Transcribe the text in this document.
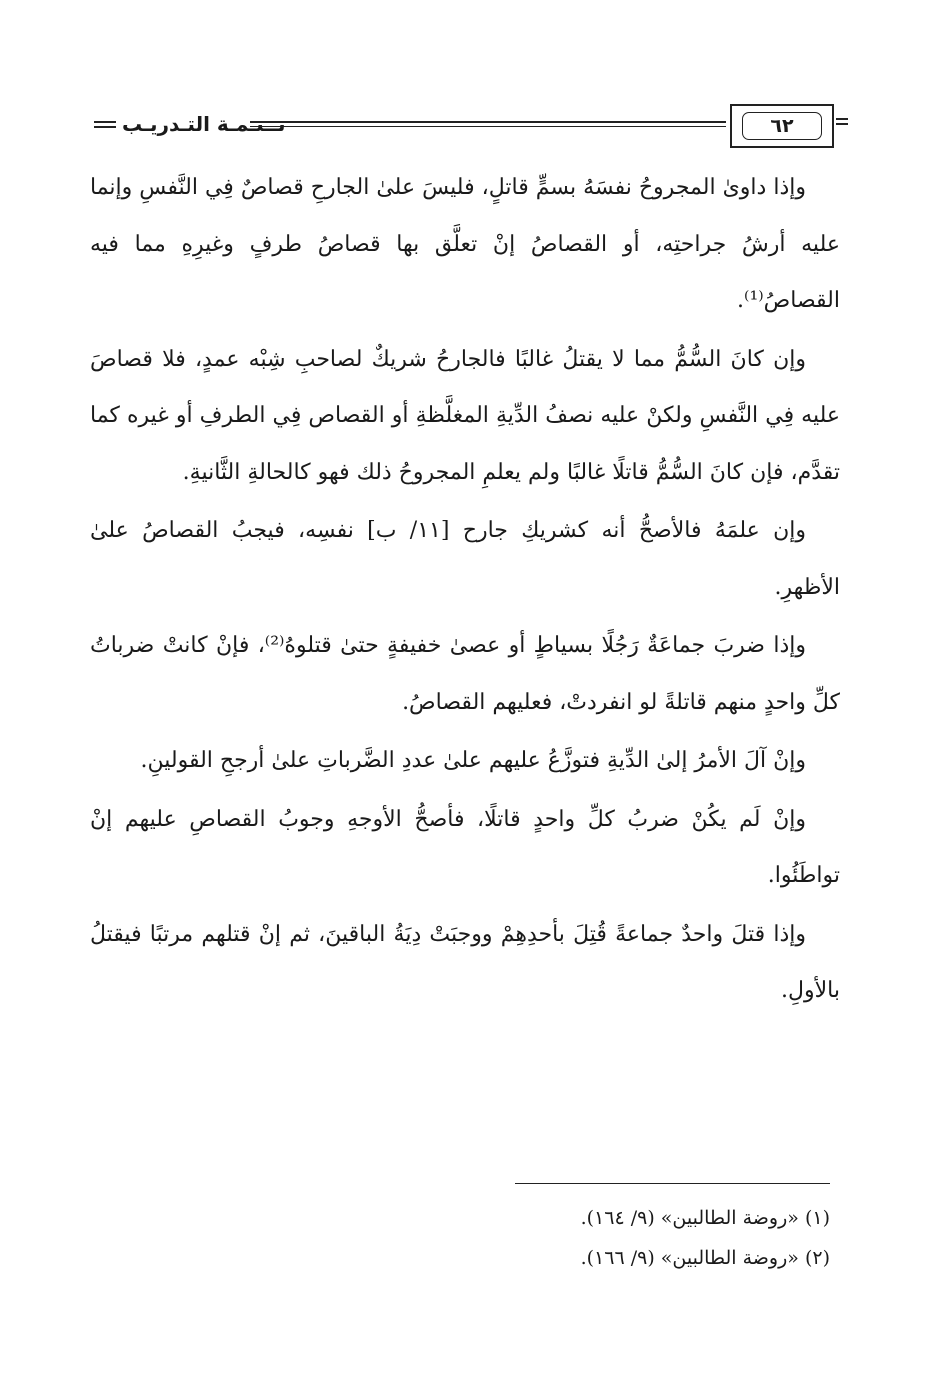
تــتـمـة التـدريـب	٦٢

وإذا داوىٰ المجروحُ نفسَهُ بسمٍّ قاتلٍ، فليسَ علىٰ الجارحِ قصاصٌ فِي النَّفسِ وإنما عليه أرشُ جراحتِه، أو القصاصُ إنْ تعلَّق بها قصاصُ طرفٍ وغيرِهِ مما فيه القصاصُ⁽¹⁾.

وإن كانَ السُّمُّ مما لا يقتلُ غالبًا فالجارحُ شريكٌ لصاحبِ شِبْه عمدٍ، فلا قصاصَ عليه فِي النَّفسِ ولكنْ عليه نصفُ الدِّيةِ المغلَّظةِ أو القصاص فِي الطرفِ أو غيره كما تقدَّم، فإن كانَ السُّمُّ قاتلًا غالبًا ولم يعلمِ المجروحُ ذلك فهو كالحالةِ الثَّانيةِ.

وإن علمَهُ فالأصحُّ أنه كشريكِ جارح [١١/ ب] نفسِه، فيجبُ القصاصُ علىٰ الأظهرِ.

وإذا ضربَ جماعَةٌ رَجُلًا بسياطٍ أو عصىٰ خفيفةٍ حتىٰ قتلوهُ⁽²⁾، فإنْ كانتْ ضرباتُ كلِّ واحدٍ منهم قاتلةً لو انفردتْ، فعليهم القصاصُ.

وإنْ آلَ الأمرُ إلىٰ الدِّيةِ فتوزَّعُ عليهم علىٰ عددِ الضَّرباتِ علىٰ أرجحِ القولينِ.

وإنْ لَم يكُنْ ضربُ كلِّ واحدٍ قاتلًا، فأصحُّ الأوجهِ وجوبُ القصاصِ عليهم إنْ تواطَئُوا.

وإذا قتلَ واحدٌ جماعةً قُتِلَ بأحدِهِمْ ووجبَتْ دِيَةُ الباقينَ، ثم إنْ قتلهم مرتبًا فيقتلُ بالأولِ.

(١) «روضة الطالبين» (٩/ ١٦٤).
(٢) «روضة الطالبين» (٩/ ١٦٦).
